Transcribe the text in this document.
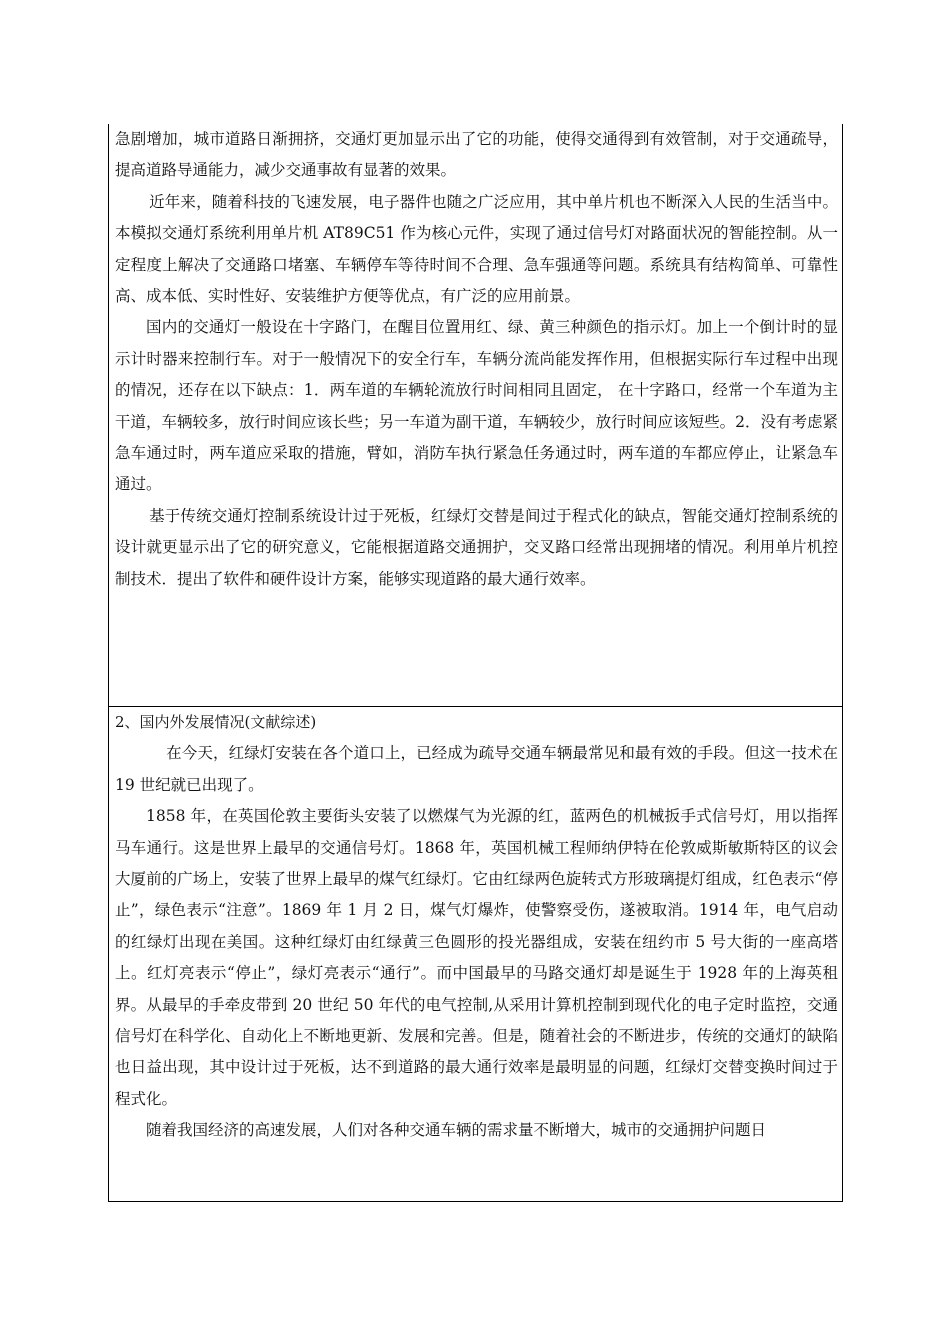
急剧增加，城市道路日渐拥挤，交通灯更加显示出了它的功能，使得交通得到有效管制，对于交通疏导，提高道路导通能力，减少交通事故有显著的效果。

近年来，随着科技的飞速发展，电子器件也随之广泛应用，其中单片机也不断深入人民的生活当中。本模拟交通灯系统利用单片机 AT89C51 作为核心元件，实现了通过信号灯对路面状况的智能控制。从一定程度上解决了交通路口堵塞、车辆停车等待时间不合理、急车强通等问题。系统具有结构简单、可靠性高、成本低、实时性好、安装维护方便等优点，有广泛的应用前景。

国内的交通灯一般设在十字路门，在醒目位置用红、绿、黄三种颜色的指示灯。加上一个倒计时的显示计时器来控制行车。对于一般情况下的安全行车，车辆分流尚能发挥作用，但根据实际行车过程中出现的情况，还存在以下缺点：1．两车道的车辆轮流放行时间相同且固定， 在十字路口，经常一个车道为主干道，车辆较多，放行时间应该长些；另一车道为副干道，车辆较少，放行时间应该短些。2．没有考虑紧急车通过时，两车道应采取的措施，臂如，消防车执行紧急任务通过时，两车道的车都应停止，让紧急车通过。

基于传统交通灯控制系统设计过于死板，红绿灯交替是间过于程式化的缺点，智能交通灯控制系统的设计就更显示出了它的研究意义，它能根据道路交通拥护，交叉路口经常出现拥堵的情况。利用单片机控制技术．提出了软件和硬件设计方案，能够实现道路的最大通行效率。

2、国内外发展情况(文献综述)

在今天，红绿灯安装在各个道口上，已经成为疏导交通车辆最常见和最有效的手段。但这一技术在 19 世纪就已出现了。

1858 年，在英国伦敦主要街头安装了以燃煤气为光源的红，蓝两色的机械扳手式信号灯，用以指挥马车通行。这是世界上最早的交通信号灯。1868 年，英国机械工程师纳伊特在伦敦威斯敏斯特区的议会大厦前的广场上，安装了世界上最早的煤气红绿灯。它由红绿两色旋转式方形玻璃提灯组成，红色表示“停止”，绿色表示“注意”。1869 年 1 月 2 日，煤气灯爆炸，使警察受伤，遂被取消。1914 年，电气启动的红绿灯出现在美国。这种红绿灯由红绿黄三色圆形的投光器组成，安装在纽约市 5 号大街的一座高塔上。红灯亮表示“停止”，绿灯亮表示“通行”。而中国最早的马路交通灯却是诞生于 1928 年的上海英租界。从最早的手牵皮带到 20 世纪 50 年代的电气控制,从采用计算机控制到现代化的电子定时监控，交通信号灯在科学化、自动化上不断地更新、发展和完善。但是，随着社会的不断进步，传统的交通灯的缺陷也日益出现，其中设计过于死板，达不到道路的最大通行效率是最明显的问题，红绿灯交替变换时间过于程式化。

随着我国经济的高速发展，人们对各种交通车辆的需求量不断增大，城市的交通拥护问题日
